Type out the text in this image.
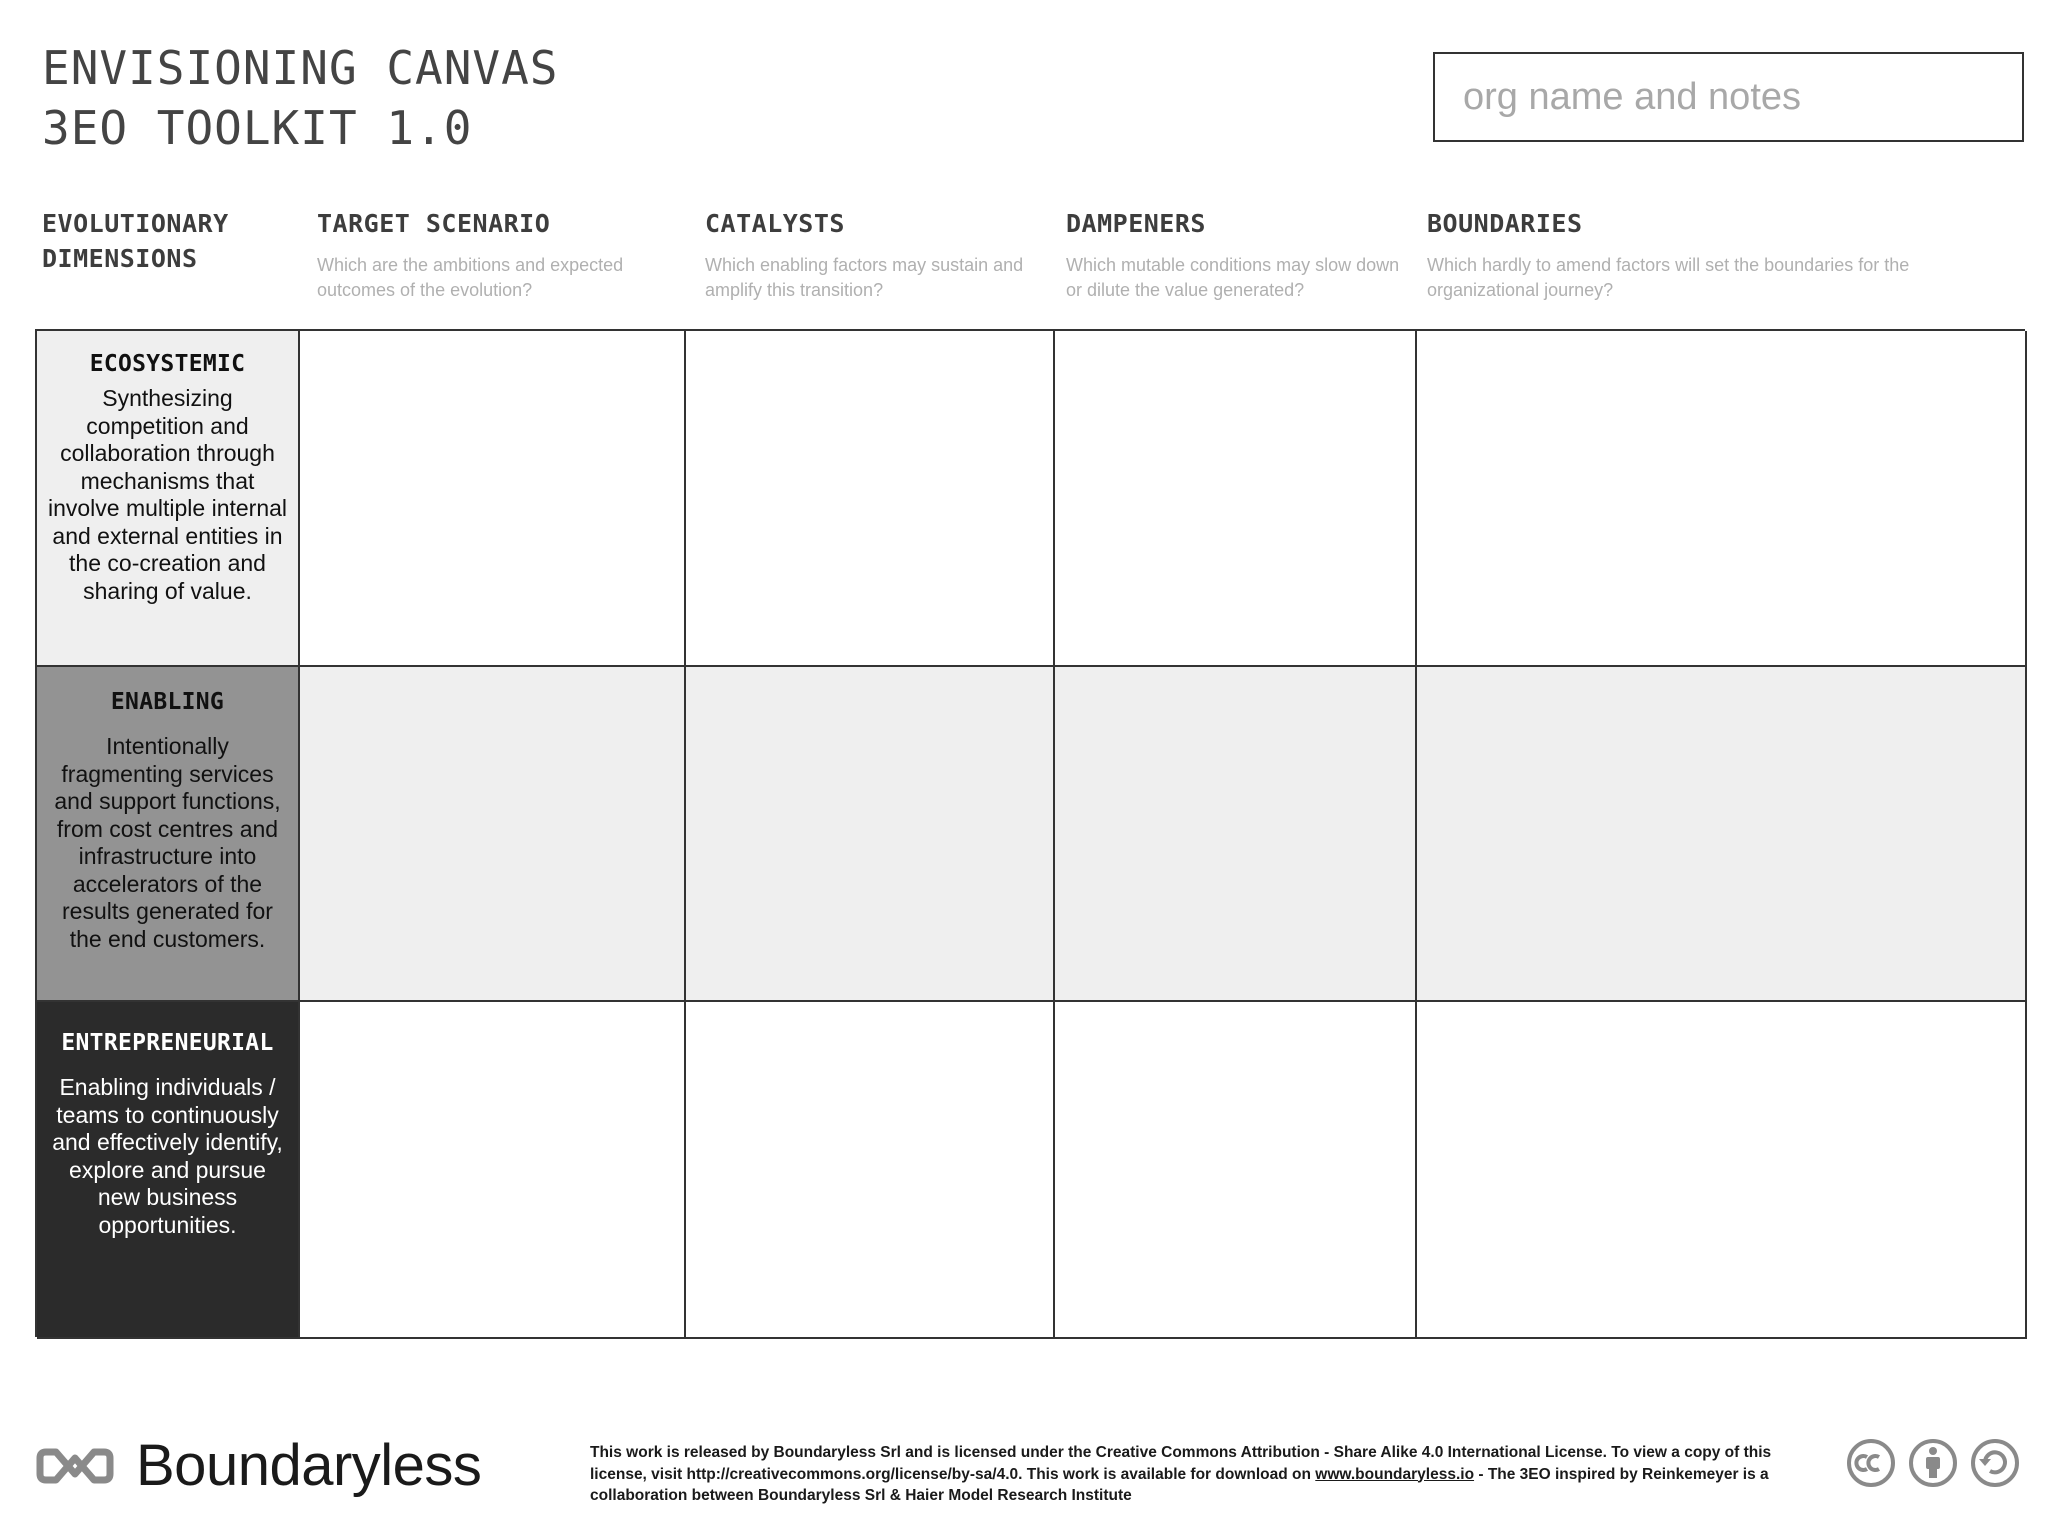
ENVISIONING CANVAS
3EO TOOLKIT 1.0
org name and notes
EVOLUTIONARY
DIMENSIONS
TARGET SCENARIO
Which are the ambitions and expected outcomes of the evolution?
CATALYSTS
Which enabling factors may sustain and amplify this transition?
DAMPENERS
Which mutable conditions may slow down or dilute the value generated?
BOUNDARIES
Which hardly to amend factors will set the boundaries for the organizational journey?
ECOSYSTEMIC
Synthesizing competition and collaboration through mechanisms that involve multiple internal and external entities in the co-creation and sharing of value.
ENABLING
Intentionally fragmenting services and support functions, from cost centres and infrastructure into accelerators of the results generated for the end customers.
ENTREPRENEURIAL
Enabling individuals / teams to continuously and effectively identify, explore and pursue new business opportunities.
Boundaryless	This work is released by Boundaryless Srl and is licensed under the Creative Commons Attribution - Share Alike 4.0 International License. To view a copy of this license, visit http://creativecommons.org/license/by-sa/4.0. This work is available for download on www.boundaryless.io - The 3EO inspired by Reinkemeyer is a collaboration between Boundaryless Srl & Haier Model Research Institute
